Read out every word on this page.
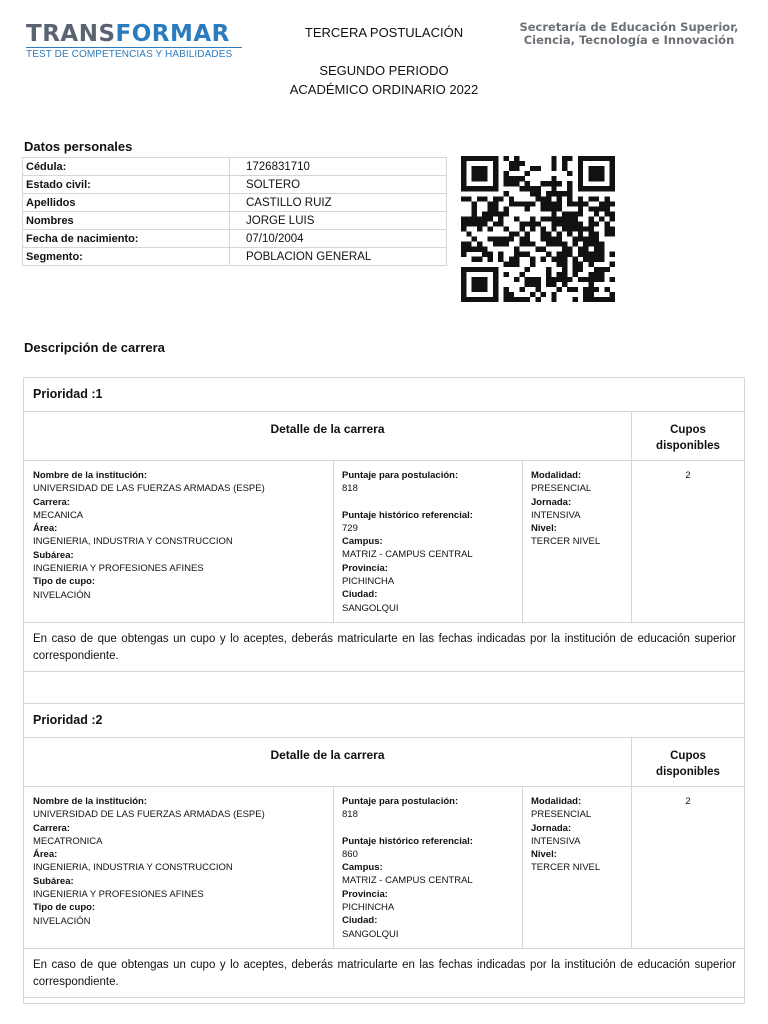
TRANSFORMAR
TEST DE COMPETENCIAS Y HABILIDADES
TERCERA POSTULACIÓN
SEGUNDO PERIODO
ACADÉMICO ORDINARIO 2022
Secretaría de Educación Superior,
Ciencia, Tecnología e Innovación
Datos personales
Cédula:	1726831710
Estado civil:	SOLTERO
Apellidos	CASTILLO RUIZ
Nombres	JORGE LUIS
Fecha de nacimiento:	07/10/2004
Segmento:	POBLACION GENERAL
Descripción de carrera
Prioridad :1
Detalle de la carrera	Cupos
disponibles
Nombre de la institución:
UNIVERSIDAD DE LAS FUERZAS ARMADAS (ESPE)
Carrera:
MECANICA
Área:
INGENIERIA, INDUSTRIA Y CONSTRUCCION
Subárea:
INGENIERIA Y PROFESIONES AFINES
Tipo de cupo:
NIVELACIÓN
Puntaje para postulación:
818
Puntaje histórico referencial:
729
Campus:
MATRIZ - CAMPUS CENTRAL
Provincia:
PICHINCHA
Ciudad:
SANGOLQUI
Modalidad:
PRESENCIAL
Jornada:
INTENSIVA
Nivel:
TERCER NIVEL
2
En caso de que obtengas un cupo y lo aceptes, deberás matricularte en las fechas indicadas por la institución de educación superior correspondiente.
Prioridad :2
Detalle de la carrera	Cupos
disponibles
Nombre de la institución:
UNIVERSIDAD DE LAS FUERZAS ARMADAS (ESPE)
Carrera:
MECATRONICA
Área:
INGENIERIA, INDUSTRIA Y CONSTRUCCION
Subárea:
INGENIERIA Y PROFESIONES AFINES
Tipo de cupo:
NIVELACIÓN
Puntaje para postulación:
818
Puntaje histórico referencial:
860
Campus:
MATRIZ - CAMPUS CENTRAL
Provincia:
PICHINCHA
Ciudad:
SANGOLQUI
Modalidad:
PRESENCIAL
Jornada:
INTENSIVA
Nivel:
TERCER NIVEL
2
En caso de que obtengas un cupo y lo aceptes, deberás matricularte en las fechas indicadas por la institución de educación superior correspondiente.
